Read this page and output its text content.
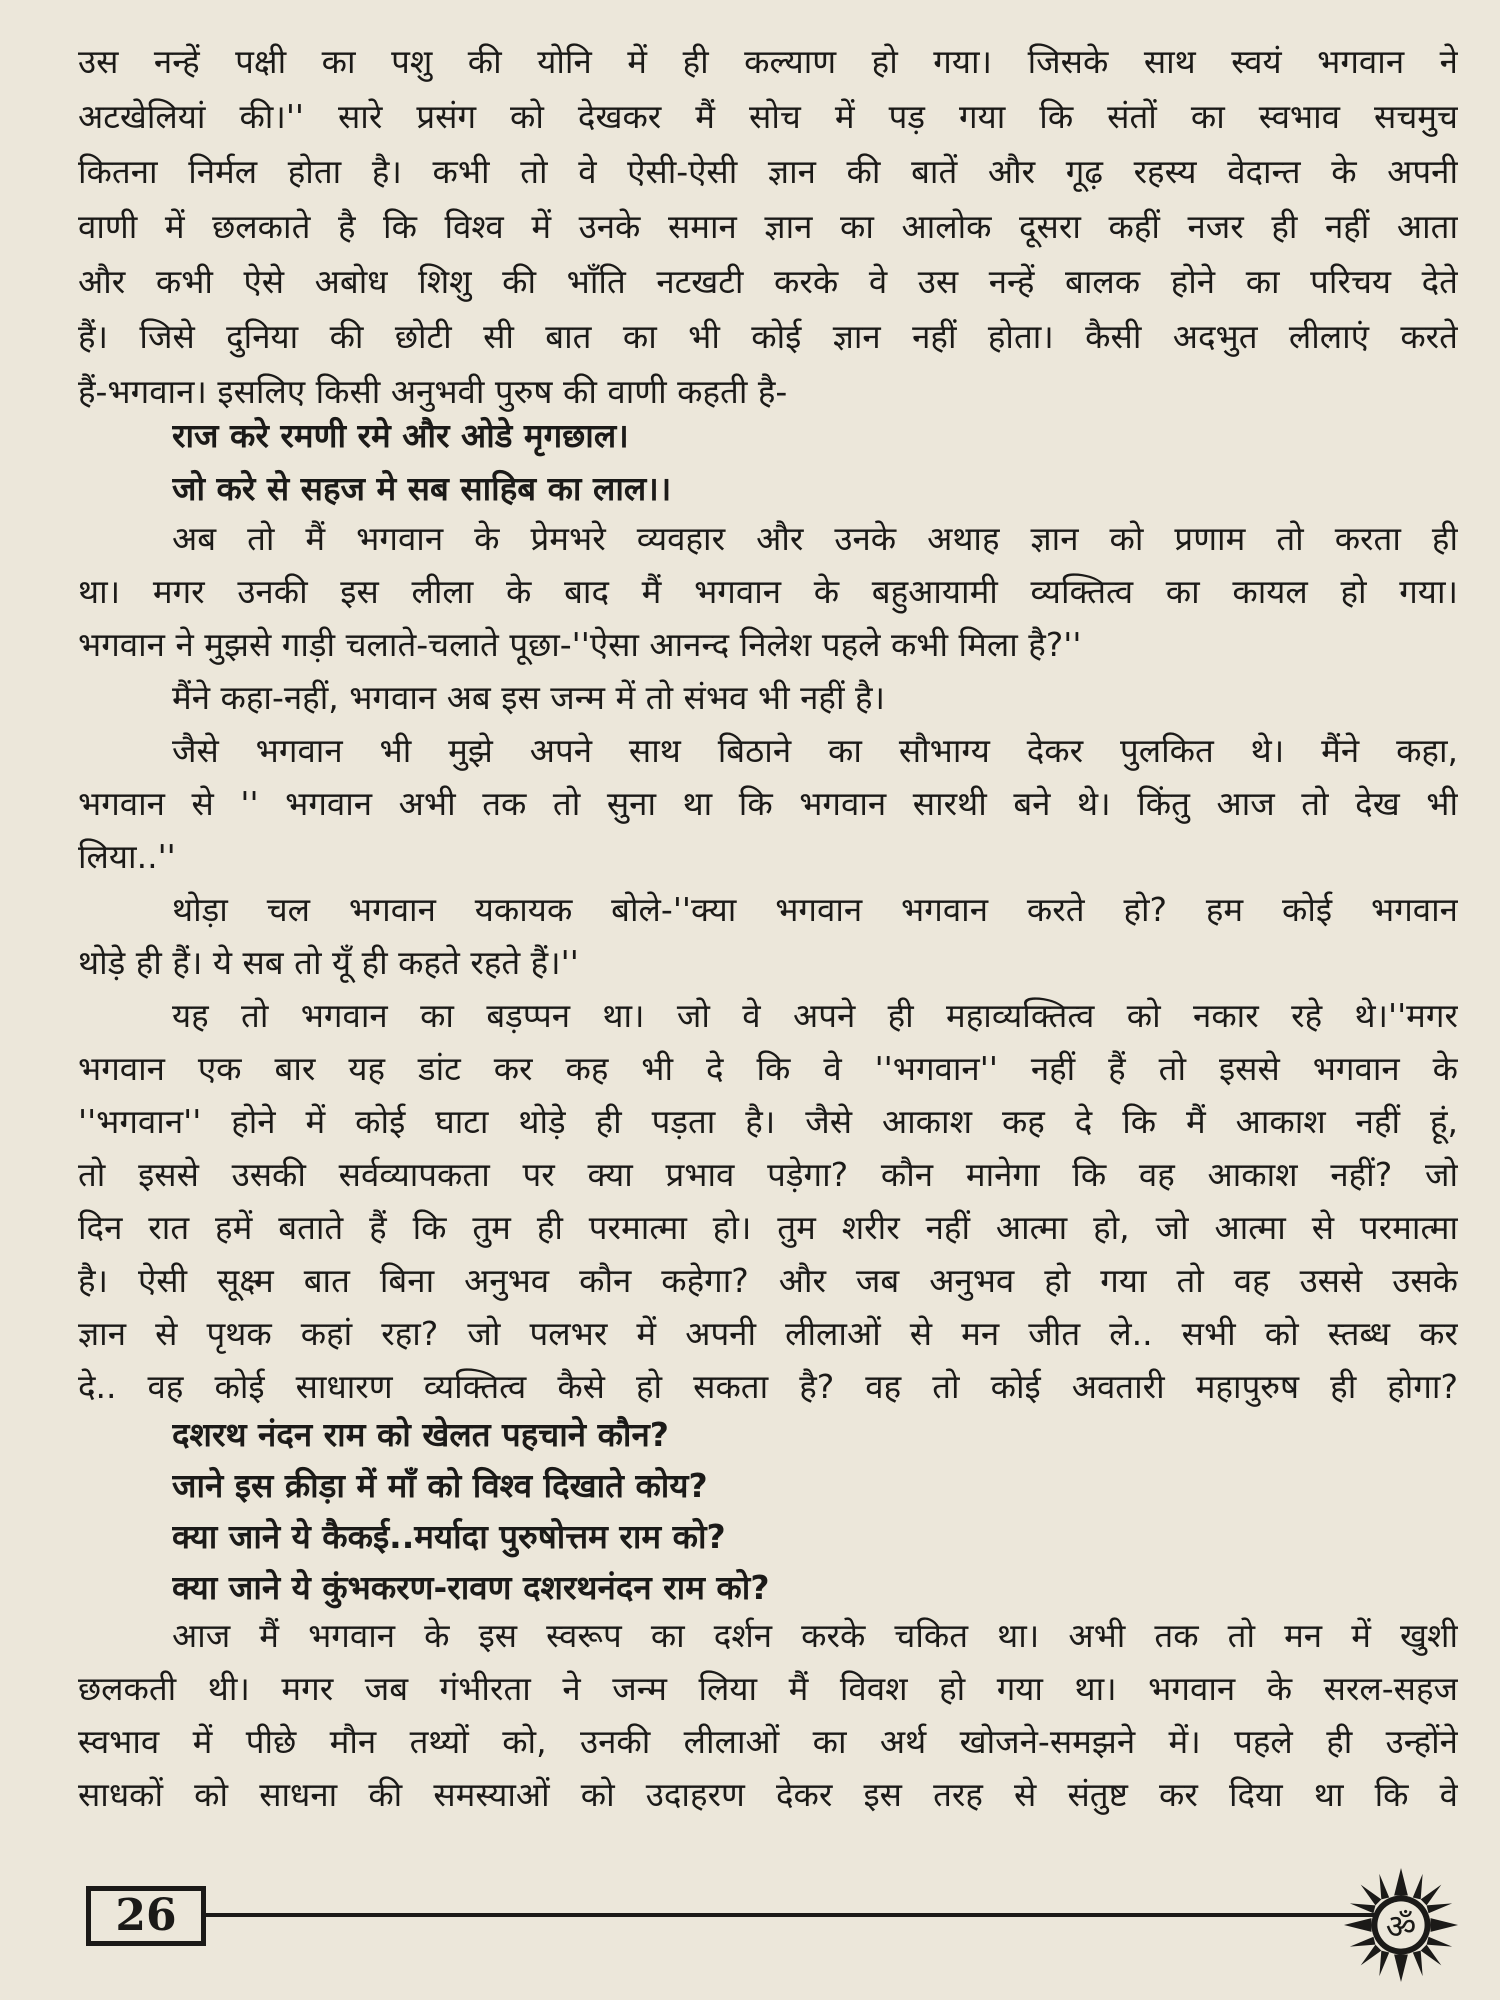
उस नन्हें पक्षी का पशु की योनि में ही कल्याण हो गया। जिसके साथ स्वयं भगवान ने
अटखेलियां की।'' सारे प्रसंग को देखकर मैं सोच में पड़ गया कि संतों का स्वभाव सचमुच
कितना निर्मल होता है। कभी तो वे ऐसी-ऐसी ज्ञान की बातें और गूढ़ रहस्य वेदान्त के अपनी
वाणी में छलकाते है कि विश्व में उनके समान ज्ञान का आलोक दूसरा कहीं नजर ही नहीं आता
और कभी ऐसे अबोध शिशु की भाँति नटखटी करके वे उस नन्हें बालक होने का परिचय देते
हैं। जिसे दुनिया की छोटी सी बात का भी कोई ज्ञान नहीं होता। कैसी अदभुत लीलाएं करते
हैं-भगवान। इसलिए किसी अनुभवी पुरुष की वाणी कहती है-
राज करे रमणी रमे और ओडे मृगछाल।
जो करे से सहज मे सब साहिब का लाल।।
अब तो मैं भगवान के प्रेमभरे व्यवहार और उनके अथाह ज्ञान को प्रणाम तो करता ही
था। मगर उनकी इस लीला के बाद मैं भगवान के बहुआयामी व्यक्तित्व का कायल हो गया।
भगवान ने मुझसे गाड़ी चलाते-चलाते पूछा-''ऐसा आनन्द निलेश पहले कभी मिला है?''
मैंने कहा-नहीं, भगवान अब इस जन्म में तो संभव भी नहीं है।
जैसे भगवान भी मुझे अपने साथ बिठाने का सौभाग्य देकर पुलकित थे। मैंने कहा,
भगवान से '' भगवान अभी तक तो सुना था कि भगवान सारथी बने थे। किंतु आज तो देख भी
लिया..''
थोड़ा चल भगवान यकायक बोले-''क्या भगवान भगवान करते हो? हम कोई भगवान
थोड़े ही हैं। ये सब तो यूँ ही कहते रहते हैं।''
यह तो भगवान का बड़प्पन था। जो वे अपने ही महाव्यक्तित्व को नकार रहे थे।''मगर
भगवान एक बार यह डांट कर कह भी दे कि वे ''भगवान'' नहीं हैं तो इससे भगवान के
''भगवान'' होने में कोई घाटा थोड़े ही पड़ता है। जैसे आकाश कह दे कि मैं आकाश नहीं हूं,
तो इससे उसकी सर्वव्यापकता पर क्या प्रभाव पड़ेगा? कौन मानेगा कि वह आकाश नहीं? जो
दिन रात हमें बताते हैं कि तुम ही परमात्मा हो। तुम शरीर नहीं आत्मा हो, जो आत्मा से परमात्मा
है। ऐसी सूक्ष्म बात बिना अनुभव कौन कहेगा? और जब अनुभव हो गया तो वह उससे उसके
ज्ञान से पृथक कहां रहा? जो पलभर में अपनी लीलाओं से मन जीत ले.. सभी को स्तब्ध कर
दे.. वह कोई साधारण व्यक्तित्व कैसे हो सकता है? वह तो कोई अवतारी महापुरुष ही होगा?
दशरथ नंदन राम को खेलत पहचाने कौन?
जाने इस क्रीड़ा में माँ को विश्व दिखाते कोय?
क्या जाने ये कैकई..मर्यादा पुरुषोत्तम राम को?
क्या जाने ये कुंभकरण-रावण दशरथनंदन राम को?
आज मैं भगवान के इस स्वरूप का दर्शन करके चकित था। अभी तक तो मन में खुशी
छलकती थी। मगर जब गंभीरता ने जन्म लिया मैं विवश हो गया था। भगवान के सरल-सहज
स्वभाव में पीछे मौन तथ्यों को, उनकी लीलाओं का अर्थ खोजने-समझने में। पहले ही उन्होंने
साधकों को साधना की समस्याओं को उदाहरण देकर इस तरह से संतुष्ट कर दिया था कि वे
26	ॐ
